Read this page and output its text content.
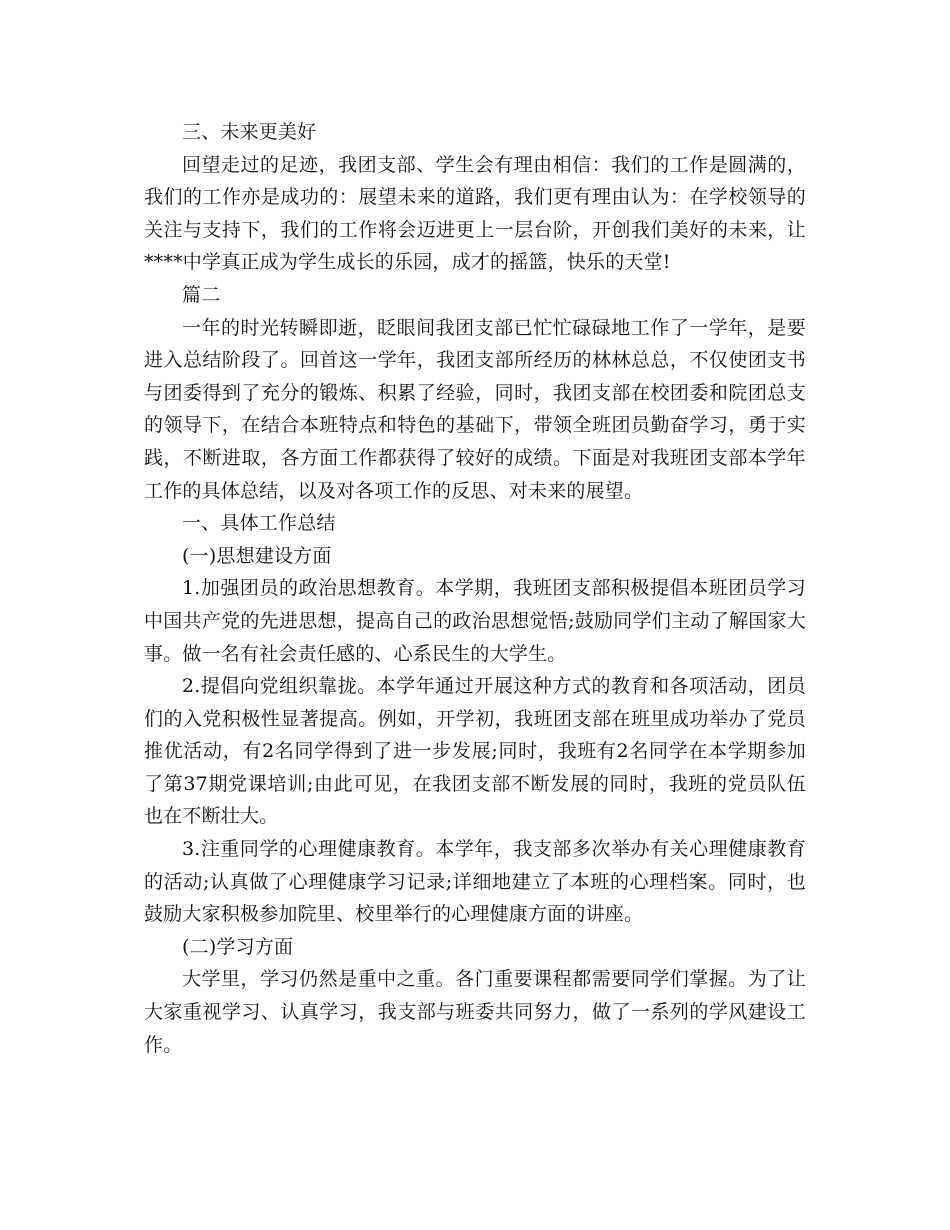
三、未来更美好

回望走过的足迹，我团支部、学生会有理由相信：我们的工作是圆满的，我们的工作亦是成功的：展望未来的道路，我们更有理由认为：在学校领导的关注与支持下，我们的工作将会迈进更上一层台阶，开创我们美好的未来，让****中学真正成为学生成长的乐园，成才的摇篮，快乐的天堂!

篇二

一年的时光转瞬即逝，眨眼间我团支部已忙忙碌碌地工作了一学年，是要进入总结阶段了。回首这一学年，我团支部所经历的林林总总，不仅使团支书与团委得到了充分的锻炼、积累了经验，同时，我团支部在校团委和院团总支的领导下，在结合本班特点和特色的基础下，带领全班团员勤奋学习，勇于实践，不断进取，各方面工作都获得了较好的成绩。下面是对我班团支部本学年工作的具体总结，以及对各项工作的反思、对未来的展望。

一、具体工作总结

(一)思想建设方面

1.加强团员的政治思想教育。本学期，我班团支部积极提倡本班团员学习中国共产党的先进思想，提高自己的政治思想觉悟;鼓励同学们主动了解国家大事。做一名有社会责任感的、心系民生的大学生。

2.提倡向党组织靠拢。本学年通过开展这种方式的教育和各项活动，团员们的入党积极性显著提高。例如，开学初，我班团支部在班里成功举办了党员推优活动，有2名同学得到了进一步发展;同时，我班有2名同学在本学期参加了第37期党课培训;由此可见，在我团支部不断发展的同时，我班的党员队伍也在不断壮大。

3.注重同学的心理健康教育。本学年，我支部多次举办有关心理健康教育的活动;认真做了心理健康学习记录;详细地建立了本班的心理档案。同时，也鼓励大家积极参加院里、校里举行的心理健康方面的讲座。

(二)学习方面

大学里，学习仍然是重中之重。各门重要课程都需要同学们掌握。为了让大家重视学习、认真学习，我支部与班委共同努力，做了一系列的学风建设工作。
